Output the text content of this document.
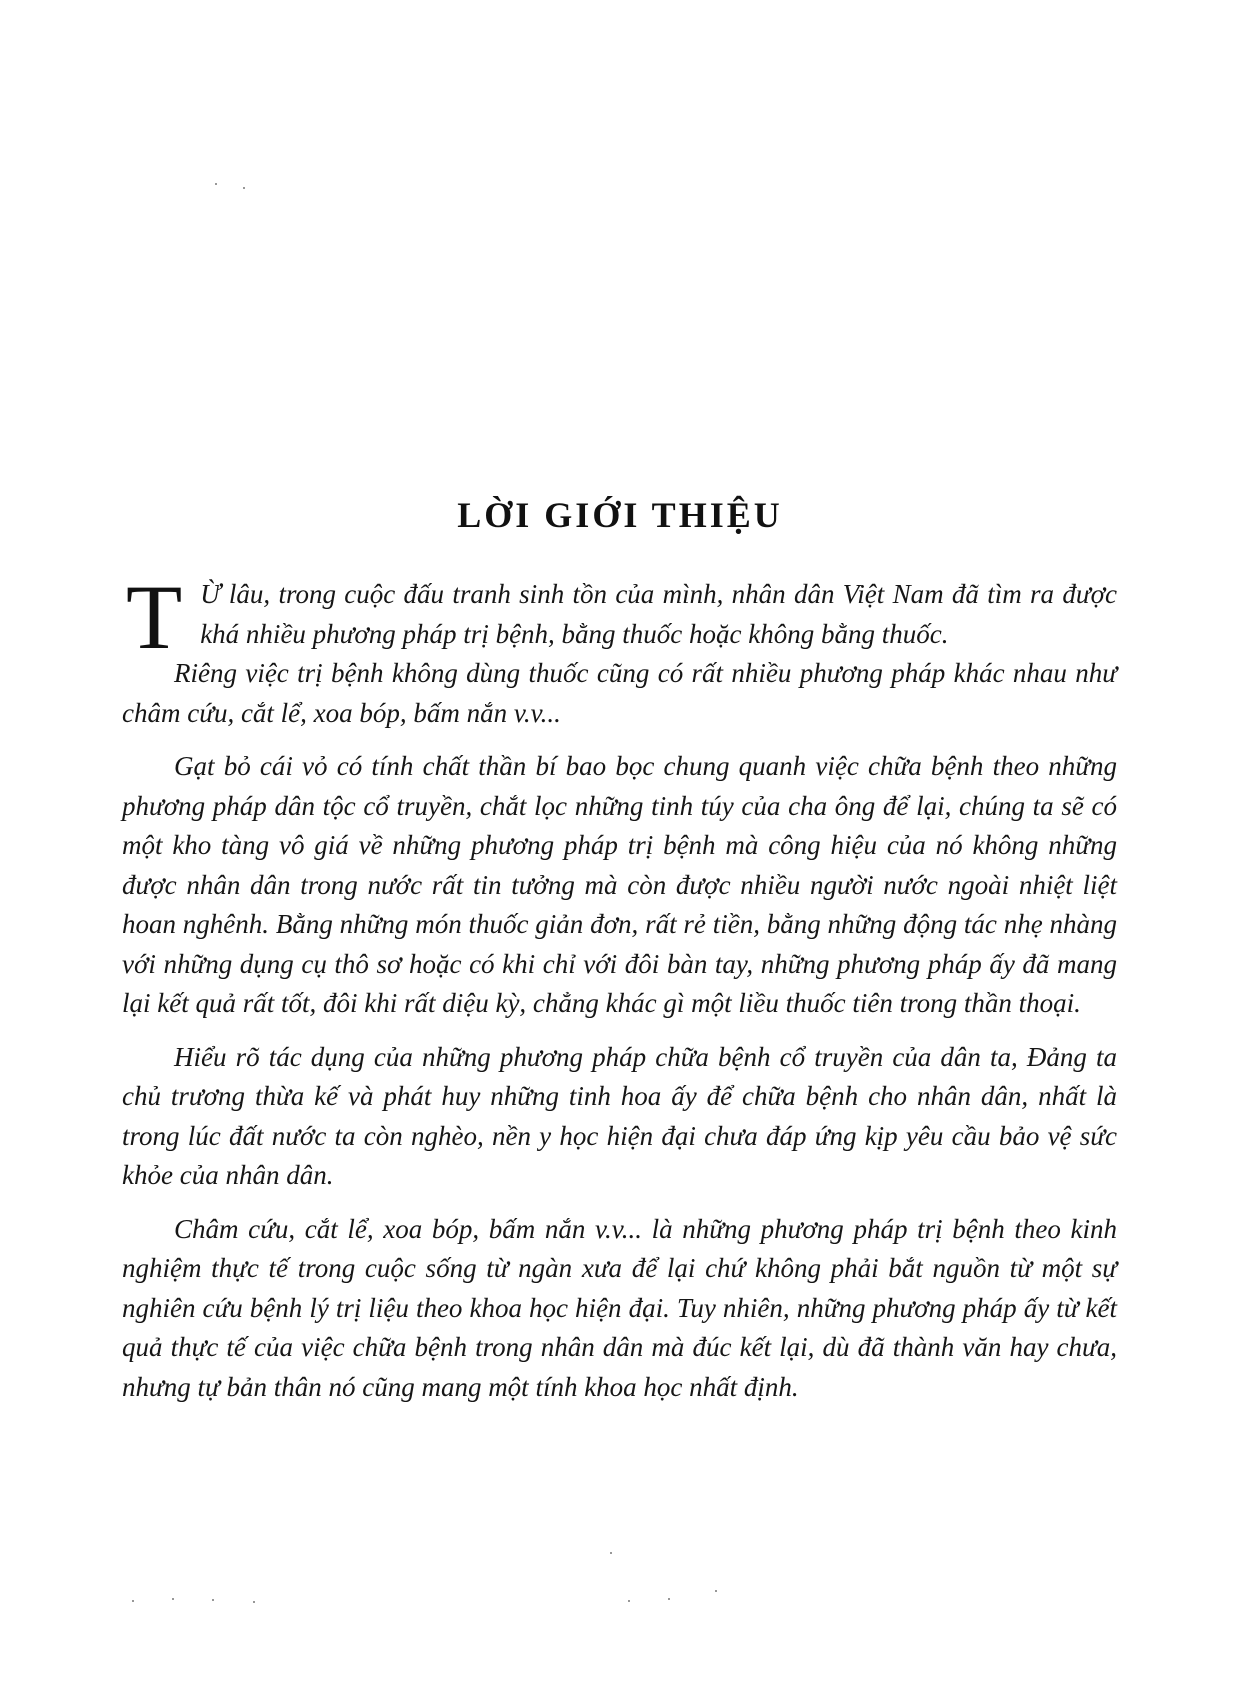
LỜI GIỚI THIỆU

T Ừ lâu, trong cuộc đấu tranh sinh tồn của mình, nhân dân Việt Nam đã tìm ra được khá nhiều phương pháp trị bệnh, bằng thuốc hoặc không bằng thuốc.

Riêng việc trị bệnh không dùng thuốc cũng có rất nhiều phương pháp khác nhau như châm cứu, cắt lể, xoa bóp, bấm nắn v.v...

Gạt bỏ cái vỏ có tính chất thần bí bao bọc chung quanh việc chữa bệnh theo những phương pháp dân tộc cổ truyền, chắt lọc những tinh túy của cha ông để lại, chúng ta sẽ có một kho tàng vô giá về những phương pháp trị bệnh mà công hiệu của nó không những được nhân dân trong nước rất tin tưởng mà còn được nhiều người nước ngoài nhiệt liệt hoan nghênh. Bằng những món thuốc giản đơn, rất rẻ tiền, bằng những động tác nhẹ nhàng với những dụng cụ thô sơ hoặc có khi chỉ với đôi bàn tay, những phương pháp ấy đã mang lại kết quả rất tốt, đôi khi rất diệu kỳ, chẳng khác gì một liều thuốc tiên trong thần thoại.

Hiểu rõ tác dụng của những phương pháp chữa bệnh cổ truyền của dân ta, Đảng ta chủ trương thừa kế và phát huy những tinh hoa ấy để chữa bệnh cho nhân dân, nhất là trong lúc đất nước ta còn nghèo, nền y học hiện đại chưa đáp ứng kịp yêu cầu bảo vệ sức khỏe của nhân dân.

Châm cứu, cắt lể, xoa bóp, bấm nắn v.v... là những phương pháp trị bệnh theo kinh nghiệm thực tế trong cuộc sống từ ngàn xưa để lại chứ không phải bắt nguồn từ một sự nghiên cứu bệnh lý trị liệu theo khoa học hiện đại. Tuy nhiên, những phương pháp ấy từ kết quả thực tế của việc chữa bệnh trong nhân dân mà đúc kết lại, dù đã thành văn hay chưa, nhưng tự bản thân nó cũng mang một tính khoa học nhất định.
